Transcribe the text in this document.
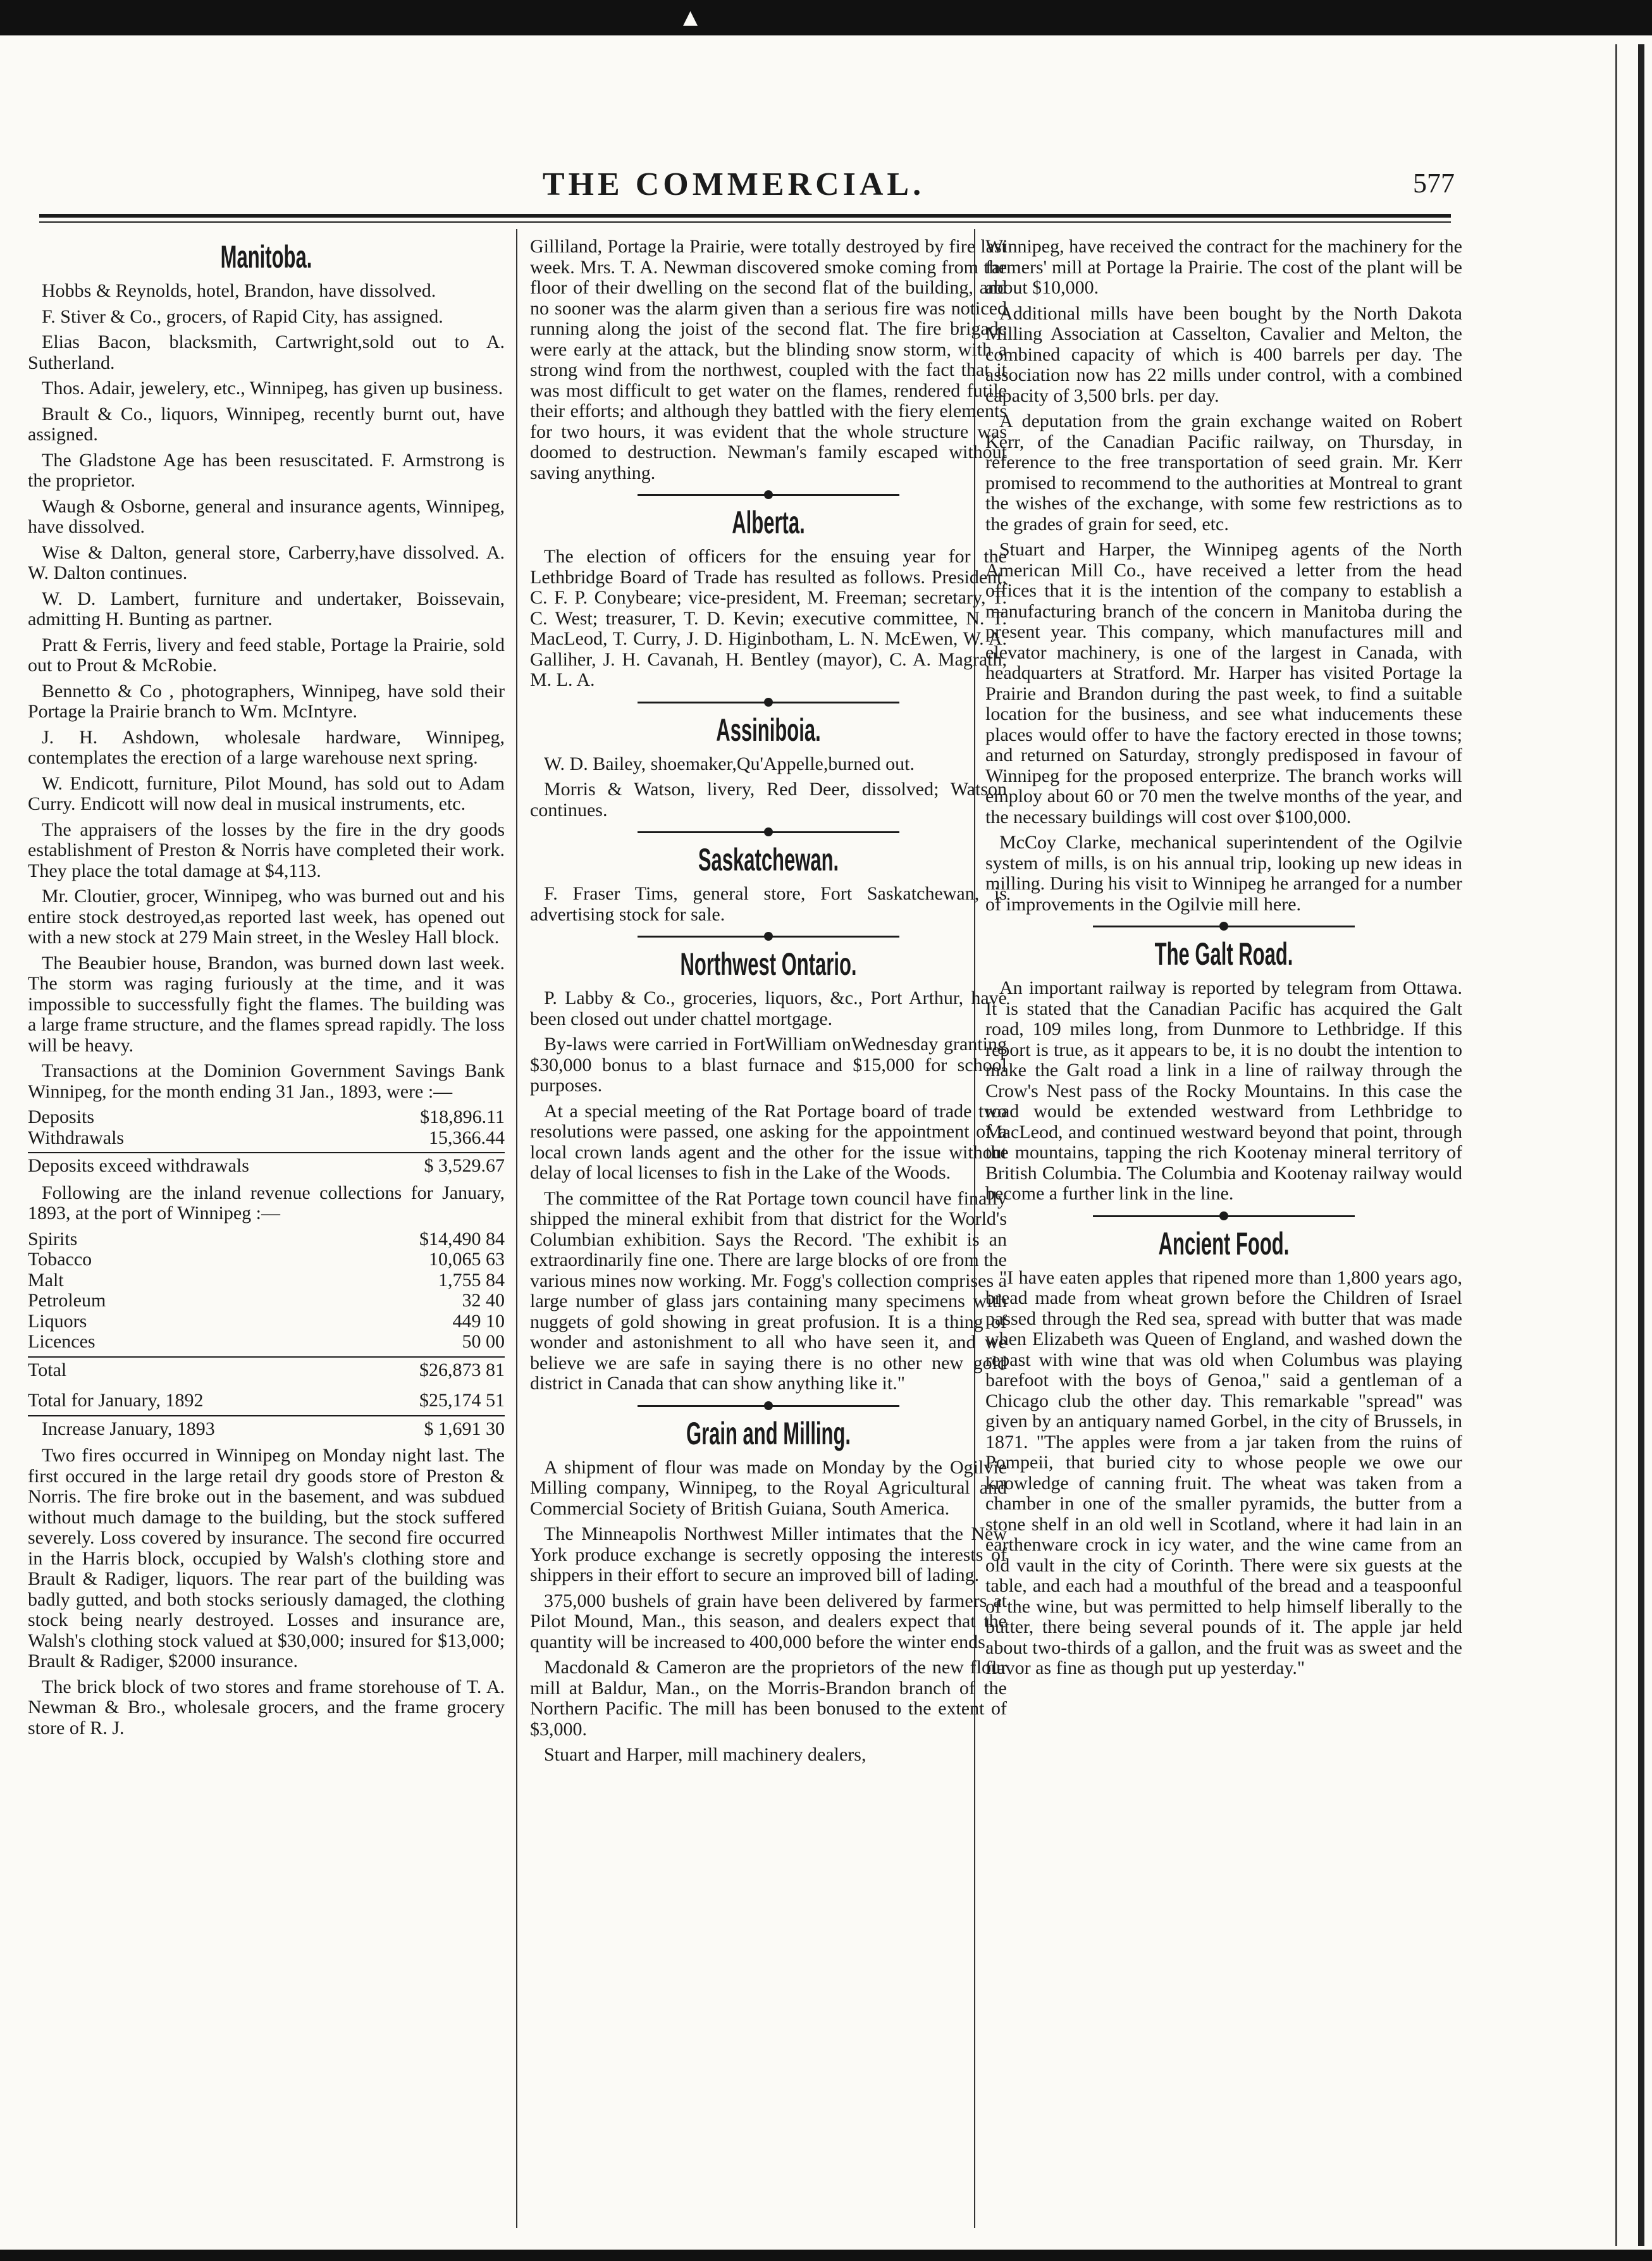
▲
THE COMMERCIAL.	577
Manitoba.

Hobbs & Reynolds, hotel, Brandon, have dissolved.

F. Stiver & Co., grocers, of Rapid City, has assigned.

Elias Bacon, blacksmith, Cartwright,sold out to A. Sutherland.

Thos. Adair, jewelery, etc., Winnipeg, has given up business.

Brault & Co., liquors, Winnipeg, recently burnt out, have assigned.

The Gladstone Age has been resuscitated. F. Armstrong is the proprietor.

Waugh & Osborne, general and insurance agents, Winnipeg, have dissolved.

Wise & Dalton, general store, Carberry,have dissolved. A. W. Dalton continues.

W. D. Lambert, furniture and undertaker, Boissevain, admitting H. Bunting as partner.

Pratt & Ferris, livery and feed stable, Portage la Prairie, sold out to Prout & McRobie.

Bennetto & Co , photographers, Winnipeg, have sold their Portage la Prairie branch to Wm. McIntyre.

J. H. Ashdown, wholesale hardware, Winnipeg, contemplates the erection of a large warehouse next spring.

W. Endicott, furniture, Pilot Mound, has sold out to Adam Curry. Endicott will now deal in musical instruments, etc.

The appraisers of the losses by the fire in the dry goods establishment of Preston & Norris have completed their work. They place the total damage at $4,113.

Mr. Cloutier, grocer, Winnipeg, who was burned out and his entire stock destroyed,as reported last week, has opened out with a new stock at 279 Main street, in the Wesley Hall block.

The Beaubier house, Brandon, was burned down last week. The storm was raging furiously at the time, and it was impossible to successfully fight the flames. The building was a large frame structure, and the flames spread rapidly. The loss will be heavy.

Transactions at the Dominion Government Savings Bank Winnipeg, for the month ending 31 Jan., 1893, were :—

Deposits	$18,896.11
Withdrawals	15,366.44
Deposits exceed withdrawals	$ 3,529.67

Following are the inland revenue collections for January, 1893, at the port of Winnipeg :—

Spirits	$14,490 84
Tobacco	10,065 63
Malt	1,755 84
Petroleum	32 40
Liquors	449 10
Licences	50 00
Total	$26,873 81
Total for January, 1892	$25,174 51
Increase January, 1893	$ 1,691 30

Two fires occurred in Winnipeg on Monday night last. The first occured in the large retail dry goods store of Preston & Norris. The fire broke out in the basement, and was subdued without much damage to the building, but the stock suffered severely. Loss covered by insurance. The second fire occurred in the Harris block, occupied by Walsh's clothing store and Brault & Radiger, liquors. The rear part of the building was badly gutted, and both stocks seriously damaged, the clothing stock being nearly destroyed. Losses and insurance are, Walsh's clothing stock valued at $30,000; insured for $13,000; Brault & Radiger, $2000 insurance.

The brick block of two stores and frame storehouse of T. A. Newman & Bro., wholesale grocers, and the frame grocery store of R. J.

Gilliland, Portage la Prairie, were totally destroyed by fire last week. Mrs. T. A. Newman discovered smoke coming from the floor of their dwelling on the second flat of the building, and no sooner was the alarm given than a serious fire was noticed running along the joist of the second flat. The fire brigade were early at the attack, but the blinding snow storm, with a strong wind from the northwest, coupled with the fact that it was most difficult to get water on the flames, rendered futile their efforts; and although they battled with the fiery elements for two hours, it was evident that the whole structure was doomed to destruction. Newman's family escaped without saving anything.

Alberta.

The election of officers for the ensuing year for the Lethbridge Board of Trade has resulted as follows. President, C. F. P. Conybeare; vice-president, M. Freeman; secretary, T. C. West; treasurer, T. D. Kevin; executive committee, N. T. MacLeod, T. Curry, J. D. Higinbotham, L. N. McEwen, W. A. Galliher, J. H. Cavanah, H. Bentley (mayor), C. A. Magrath, M. L. A.

Assiniboia.

W. D. Bailey, shoemaker,Qu'Appelle,burned out.

Morris & Watson, livery, Red Deer, dissolved; Watson continues.

Saskatchewan.

F. Fraser Tims, general store, Fort Saskatchewan, is advertising stock for sale.

Northwest Ontario.

P. Labby & Co., groceries, liquors, &c., Port Arthur, have been closed out under chattel mortgage.

By-laws were carried in FortWilliam onWednesday granting $30,000 bonus to a blast furnace and $15,000 for school purposes.

At a special meeting of the Rat Portage board of trade two resolutions were passed, one asking for the appointment of a local crown lands agent and the other for the issue without delay of local licenses to fish in the Lake of the Woods.

The committee of the Rat Portage town council have finally shipped the mineral exhibit from that district for the World's Columbian exhibition. Says the Record. 'The exhibit is an extraordinarily fine one. There are large blocks of ore from the various mines now working. Mr. Fogg's collection comprises a large number of glass jars containing many specimens with nuggets of gold showing in great profusion. It is a thing of wonder and astonishment to all who have seen it, and we believe we are safe in saying there is no other new gold district in Canada that can show anything like it."

Grain and Milling.

A shipment of flour was made on Monday by the Ogilvie Milling company, Winnipeg, to the Royal Agricultural and Commercial Society of British Guiana, South America.

The Minneapolis Northwest Miller intimates that the New York produce exchange is secretly opposing the interests of shippers in their effort to secure an improved bill of lading.

375,000 bushels of grain have been delivered by farmers at Pilot Mound, Man., this season, and dealers expect that the quantity will be increased to 400,000 before the winter ends.

Macdonald & Cameron are the proprietors of the new flour mill at Baldur, Man., on the Morris-Brandon branch of the Northern Pacific. The mill has been bonused to the extent of $3,000.

Stuart and Harper, mill machinery dealers,

Winnipeg, have received the contract for the machinery for the farmers' mill at Portage la Prairie. The cost of the plant will be about $10,000.

Additional mills have been bought by the North Dakota Milling Association at Casselton, Cavalier and Melton, the combined capacity of which is 400 barrels per day. The association now has 22 mills under control, with a combined capacity of 3,500 brls. per day.

A deputation from the grain exchange waited on Robert Kerr, of the Canadian Pacific railway, on Thursday, in reference to the free transportation of seed grain. Mr. Kerr promised to recommend to the authorities at Montreal to grant the wishes of the exchange, with some few restrictions as to the grades of grain for seed, etc.

Stuart and Harper, the Winnipeg agents of the North American Mill Co., have received a letter from the head offices that it is the intention of the company to establish a manufacturing branch of the concern in Manitoba during the present year. This company, which manufactures mill and elevator machinery, is one of the largest in Canada, with headquarters at Stratford. Mr. Harper has visited Portage la Prairie and Brandon during the past week, to find a suitable location for the business, and see what inducements these places would offer to have the factory erected in those towns; and returned on Saturday, strongly predisposed in favour of Winnipeg for the proposed enterprize. The branch works will employ about 60 or 70 men the twelve months of the year, and the necessary buildings will cost over $100,000.

McCoy Clarke, mechanical superintendent of the Ogilvie system of mills, is on his annual trip, looking up new ideas in milling. During his visit to Winnipeg he arranged for a number of improvements in the Ogilvie mill here.

The Galt Road.

An important railway is reported by telegram from Ottawa. It is stated that the Canadian Pacific has acquired the Galt road, 109 miles long, from Dunmore to Lethbridge. If this report is true, as it appears to be, it is no doubt the intention to make the Galt road a link in a line of railway through the Crow's Nest pass of the Rocky Mountains. In this case the road would be extended westward from Lethbridge to MacLeod, and continued westward beyond that point, through the mountains, tapping the rich Kootenay mineral territory of British Columbia. The Columbia and Kootenay railway would become a further link in the line.

Ancient Food.

"I have eaten apples that ripened more than 1,800 years ago, bread made from wheat grown before the Children of Israel passed through the Red sea, spread with butter that was made when Elizabeth was Queen of England, and washed down the repast with wine that was old when Columbus was playing barefoot with the boys of Genoa," said a gentleman of a Chicago club the other day. This remarkable "spread" was given by an antiquary named Gorbel, in the city of Brussels, in 1871. "The apples were from a jar taken from the ruins of Pompeii, that buried city to whose people we owe our knowledge of canning fruit. The wheat was taken from a chamber in one of the smaller pyramids, the butter from a stone shelf in an old well in Scotland, where it had lain in an earthenware crock in icy water, and the wine came from an old vault in the city of Corinth. There were six guests at the table, and each had a mouthful of the bread and a teaspoonful of the wine, but was permitted to help himself liberally to the butter, there being several pounds of it. The apple jar held about two-thirds of a gallon, and the fruit was as sweet and the flavor as fine as though put up yesterday."
